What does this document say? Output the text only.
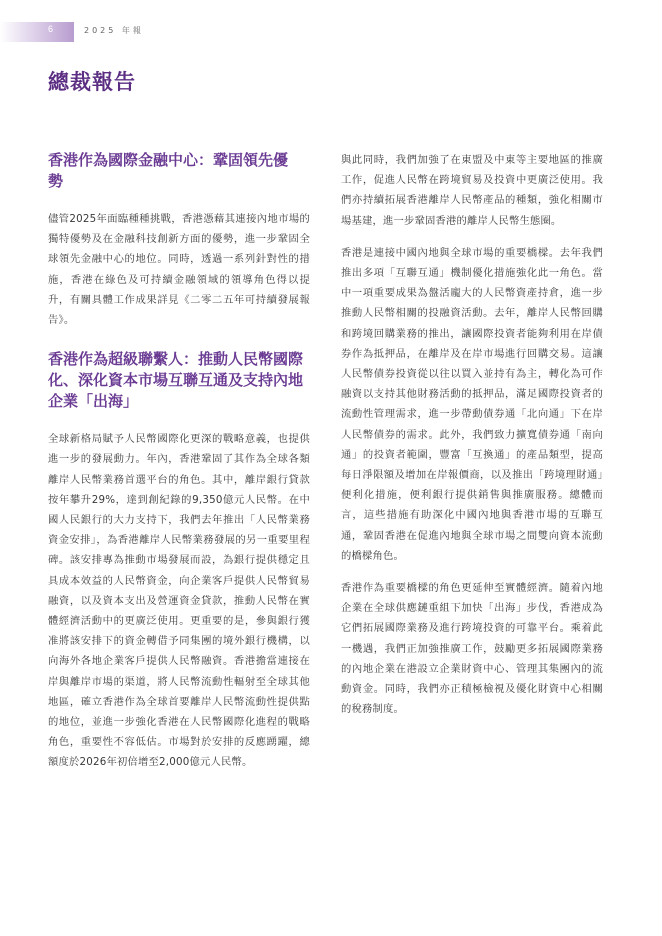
6	2025 年報
總裁報告
香港作為國際金融中心：鞏固領先優勢

儘管2025年面臨種種挑戰，香港憑藉其連接內地市場的獨特優勢及在金融科技創新方面的優勢，進一步鞏固全球領先金融中心的地位。同時，透過一系列針對性的措施，香港在綠色及可持續金融領域的領導角色得以提升，有關具體工作成果詳見《二零二五年可持續發展報告》。

香港作為超級聯繫人：推動人民幣國際化、深化資本市場互聯互通及支持內地企業「出海」

全球新格局賦予人民幣國際化更深的戰略意義，也提供進一步的發展動力。年內，香港鞏固了其作為全球各類離岸人民幣業務首選平台的角色。其中，離岸銀行貸款按年攀升29%，達到創紀錄的9,350億元人民幣。在中國人民銀行的大力支持下，我們去年推出「人民幣業務資金安排」，為香港離岸人民幣業務發展的另一重要里程碑。該安排專為推動市場發展而設，為銀行提供穩定且具成本效益的人民幣資金，向企業客戶提供人民幣貿易融資，以及資本支出及營運資金貸款，推動人民幣在實體經濟活動中的更廣泛使用。更重要的是，參與銀行獲准將該安排下的資金轉借予同集團的境外銀行機構，以向海外各地企業客戶提供人民幣融資。香港擔當連接在岸與離岸市場的渠道，將人民幣流動性輻射至全球其他地區，確立香港作為全球首要離岸人民幣流動性提供點的地位，並進一步強化香港在人民幣國際化進程的戰略角色，重要性不容低估。市場對於安排的反應踴躍，總額度於2026年初倍增至2,000億元人民幣。

與此同時，我們加強了在東盟及中東等主要地區的推廣工作，促進人民幣在跨境貿易及投資中更廣泛使用。我們亦持續拓展香港離岸人民幣產品的種類，強化相關市場基建，進一步鞏固香港的離岸人民幣生態圈。

香港是連接中國內地與全球市場的重要橋樑。去年我們推出多項「互聯互通」機制優化措施強化此一角色。當中一項重要成果為盤活龐大的人民幣資產持倉，進一步推動人民幣相關的投融資活動。去年，離岸人民幣回購和跨境回購業務的推出，讓國際投資者能夠利用在岸債券作為抵押品，在離岸及在岸市場進行回購交易。這讓人民幣債券投資從以往以買入並持有為主，轉化為可作融資以支持其他財務活動的抵押品，滿足國際投資者的流動性管理需求，進一步帶動債券通「北向通」下在岸人民幣債券的需求。此外，我們致力擴寬債券通「南向通」的投資者範圍，豐富「互換通」的產品類型，提高每日淨限額及增加在岸報價商，以及推出「跨境理財通」便利化措施，便利銀行提供銷售與推廣服務。總體而言，這些措施有助深化中國內地與香港市場的互聯互通，鞏固香港在促進內地與全球市場之間雙向資本流動的橋樑角色。

香港作為重要橋樑的角色更延伸至實體經濟。隨着內地企業在全球供應鏈重組下加快「出海」步伐，香港成為它們拓展國際業務及進行跨境投資的可靠平台。乘着此一機遇，我們正加強推廣工作，鼓勵更多拓展國際業務的內地企業在港設立企業財資中心、管理其集團內的流動資金。同時，我們亦正積極檢視及優化財資中心相關的稅務制度。
